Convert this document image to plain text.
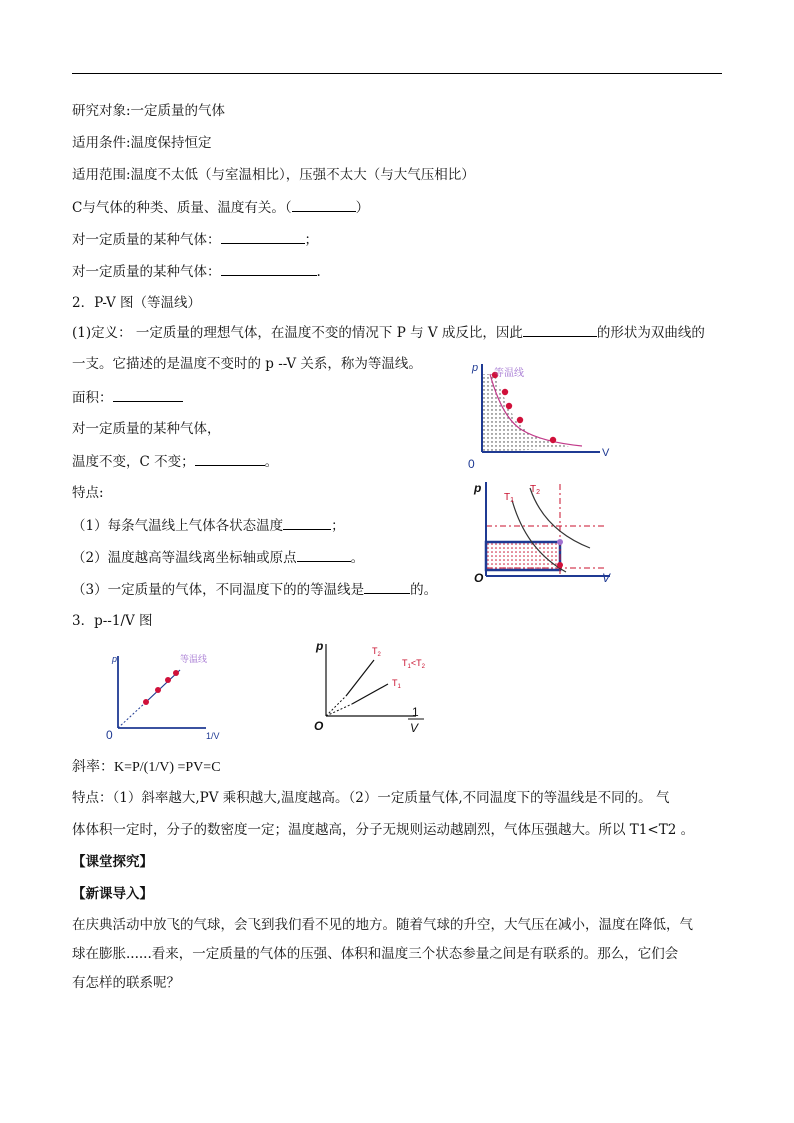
研究对象:一定质量的气体
适用条件:温度保持恒定
适用范围:温度不太低（与室温相比），压强不太大（与大气压相比）
C与气体的种类、质量、温度有关。（	）
对一定质量的某种气体：	；
对一定质量的某种气体：	.
2．P-V 图（等温线）
(1)定义： 一定质量的理想气体，在温度不变的情况下 P 与 V 成反比，因此	的形状为双曲线的
一支。它描述的是温度不变时的 p --V 关系，称为等温线。
面积：
对一定质量的某种气体，
温度不变，C 不变；	。
特点:
（1）每条气温线上气体各状态温度	；
（2）温度越高等温线离坐标轴或原点	。
（3）一定质量的气体，不同温度下的的等温线是	的。
3．p--1/V 图
斜率：K=P/(1/V) =PV=C
特点：（1）斜率越大,PV 乘积越大,温度越高。（2）一定质量气体,不同温度下的等温线是不同的。 气
体体积一定时，分子的数密度一定；温度越高，分子无规则运动越剧烈，气体压强越大。所以 T1<T2 。
【课堂探究】
【新课导入】
在庆典活动中放飞的气球，会飞到我们看不见的地方。随着气球的升空，大气压在减小，温度在降低，气
球在膨胀......看来，一定质量的气体的压强、体积和温度三个状态参量之间是有联系的。那么，它们会
有怎样的联系呢？
p
V
0
等温线
p
V
O
$T_1$
$T_2$
p
1/V
0
等温线
p
O
1
V
$T_2$
$T_1$
$T_1<T_2$
